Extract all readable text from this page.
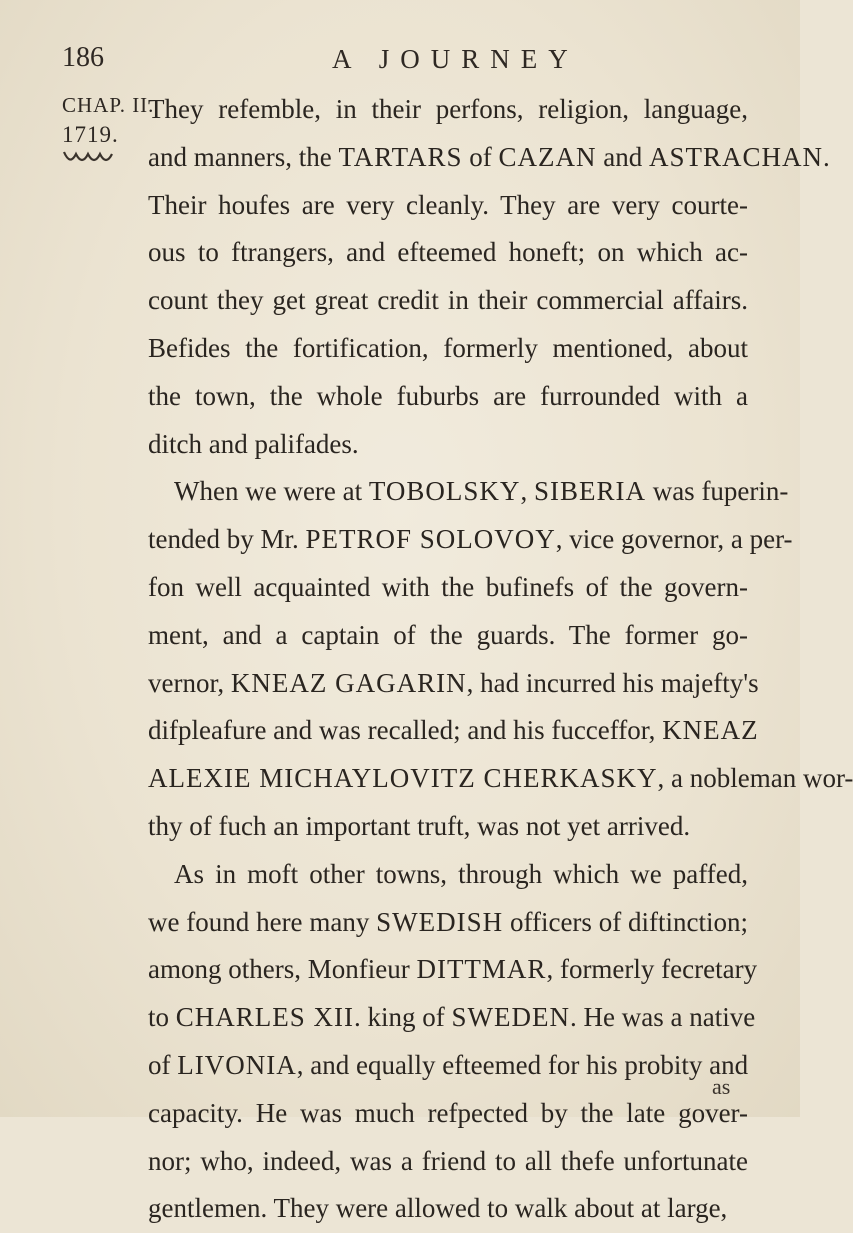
186	A JOURNEY
CHAP. II.
1719.
They refemble, in their perfons, religion, language,
and manners, the TARTARS of CAZAN and ASTRACHAN.
Their houfes are very cleanly. They are very courte-
ous to ftrangers, and efteemed honeft; on which ac-
count they get great credit in their commercial affairs.
Befides the fortification, formerly mentioned, about
the town, the whole fuburbs are furrounded with a
ditch and palifades.
When we were at TOBOLSKY, SIBERIA was fuperin-
tended by Mr. PETROF SOLOVOY, vice governor, a per-
fon well acquainted with the bufinefs of the govern-
ment, and a captain of the guards. The former go-
vernor, KNEAZ GAGARIN, had incurred his majefty's
difpleafure and was recalled; and his fucceffor, KNEAZ
ALEXIE MICHAYLOVITZ CHERKASKY, a nobleman wor-
thy of fuch an important truft, was not yet arrived.
As in moft other towns, through which we paffed,
we found here many SWEDISH officers of diftinction;
among others, Monfieur DITTMAR, formerly fecretary
to CHARLES XII. king of SWEDEN. He was a native
of LIVONIA, and equally efteemed for his probity and
capacity. He was much refpected by the late gover-
nor; who, indeed, was a friend to all thefe unfortunate
gentlemen. They were allowed to walk about at large,
as
